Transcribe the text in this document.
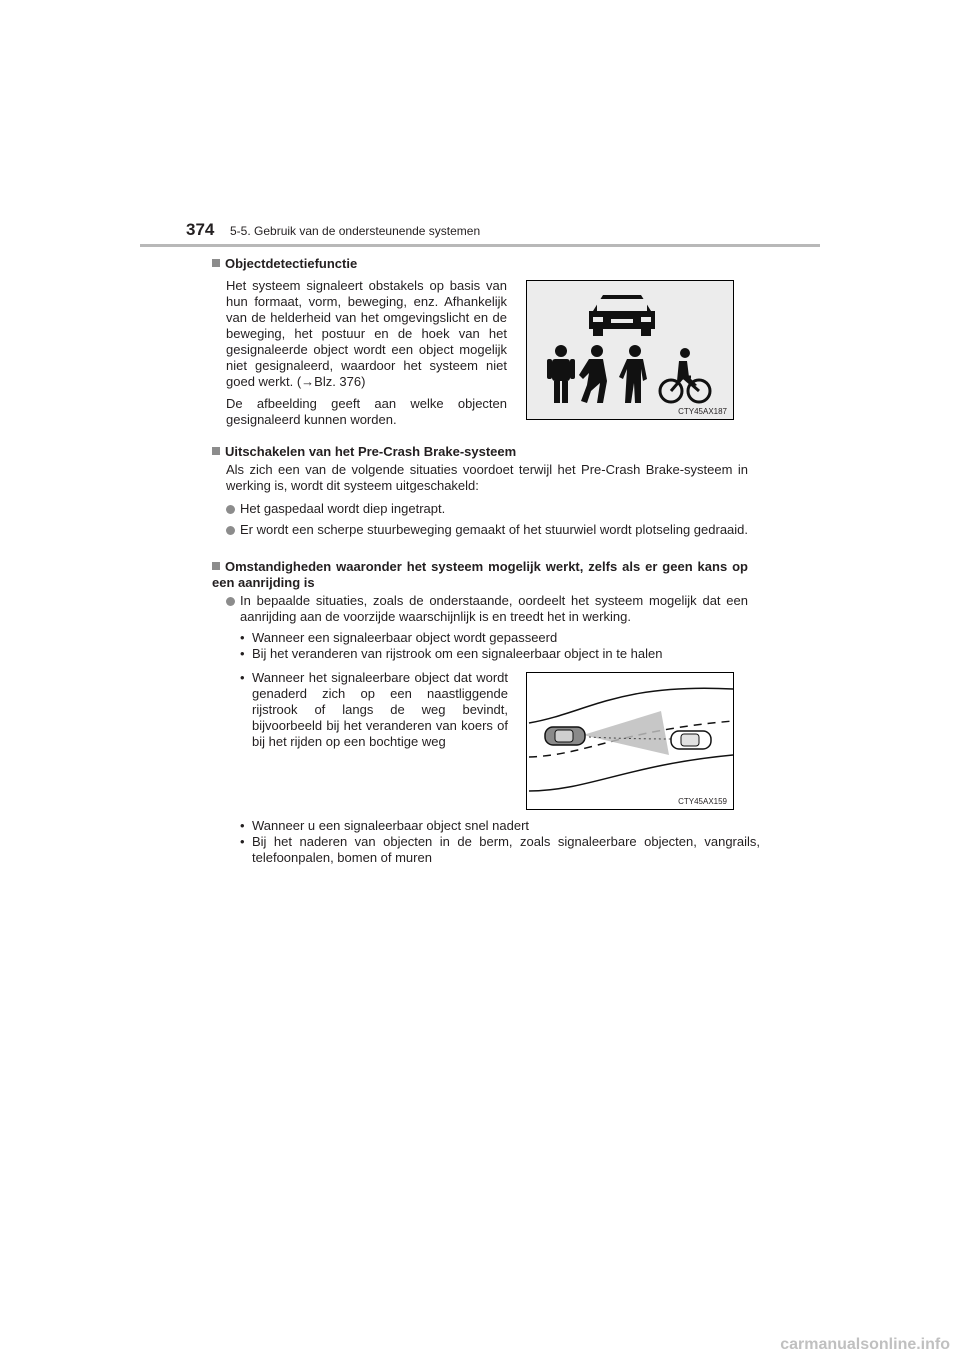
374 5-5. Gebruik van de ondersteunende systemen
Objectdetectiefunctie
Het systeem signaleert obstakels op basis van hun formaat, vorm, beweging, enz. Afhankelijk van de helderheid van het omgevingslicht en de beweging, het postuur en de hoek van het gesignaleerde object wordt een object mogelijk niet gesignaleerd, waardoor het systeem niet goed werkt. (→Blz. 376)
De afbeelding geeft aan welke objecten gesignaleerd kunnen worden.
CTY45AX187
Uitschakelen van het Pre-Crash Brake-systeem
Als zich een van de volgende situaties voordoet terwijl het Pre-Crash Brake-systeem in werking is, wordt dit systeem uitgeschakeld:
Het gaspedaal wordt diep ingetrapt.
Er wordt een scherpe stuurbeweging gemaakt of het stuurwiel wordt plotseling gedraaid.
Omstandigheden waaronder het systeem mogelijk werkt, zelfs als er geen kans op een aanrijding is
In bepaalde situaties, zoals de onderstaande, oordeelt het systeem mogelijk dat een aanrijding aan de voorzijde waarschijnlijk is en treedt het in werking.
• Wanneer een signaleerbaar object wordt gepasseerd
• Bij het veranderen van rijstrook om een signaleerbaar object in te halen
• Wanneer het signaleerbare object dat wordt genaderd zich op een naastliggende rijstrook of langs de weg bevindt, bijvoorbeeld bij het veranderen van koers of bij het rijden op een bochtige weg
CTY45AX159
• Wanneer u een signaleerbaar object snel nadert
• Bij het naderen van objecten in de berm, zoals signaleerbare objecten, vangrails, telefoonpalen, bomen of muren
carmanualsonline.info
